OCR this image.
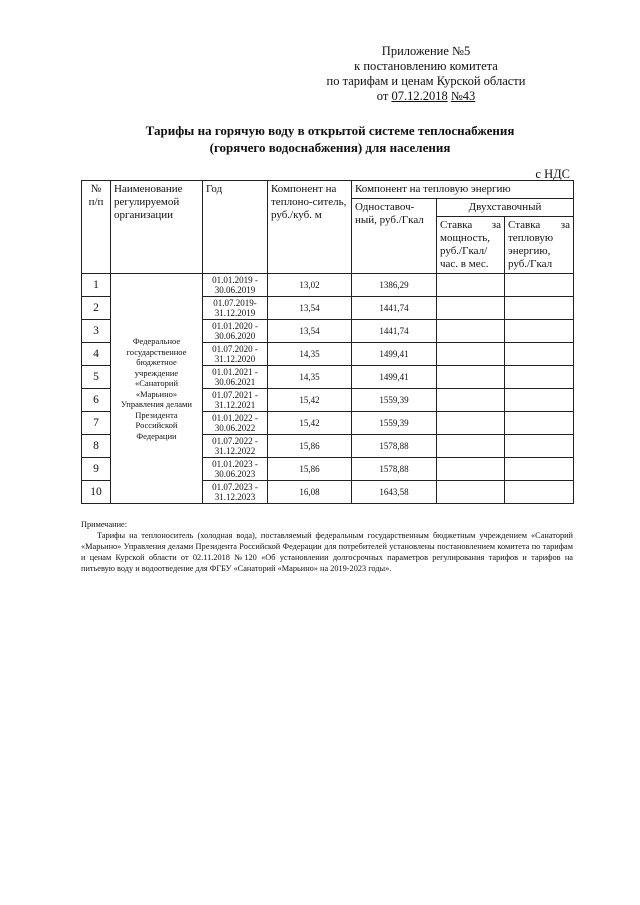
Приложение №5
к постановлению комитета
по тарифам и ценам Курской области
от 07.12.2018 №43
Тарифы на горячую воду в открытой системе теплоснабжения
(горячего водоснабжения) для населения
с НДС
№ п/п	Наименование регулируемой организации	Год	Компонент на теплоно-ситель, руб./куб. м	Компонент на тепловую энергию		
				Одноставоч-ный, руб./Гкал	Двухставочный	
					Ставка за мощность, руб./Гкал/час. в мес.	Ставка за тепловую энергию, руб./Гкал
1	Федеральное государственное бюджетное учреждение «Санаторий «Марьино» Управления делами Президента Российской Федерации	01.01.2019 - 30.06.2019	13,02	1386,29		
2		01.07.2019-31.12.2019	13,54	1441,74		
3		01.01.2020 - 30.06.2020	13,54	1441,74		
4		01.07.2020 - 31.12.2020	14,35	1499,41		
5		01.01.2021 - 30.06.2021	14,35	1499,41		
6		01.07.2021 - 31.12.2021	15,42	1559,39		
7		01.01.2022 - 30.06.2022	15,42	1559,39		
8		01.07.2022 - 31.12.2022	15,86	1578,88		
9		01.01.2023 - 30.06.2023	15,86	1578,88		
10		01.07.2023 - 31.12.2023	16,08	1643,58		
Примечание:
Тарифы на теплоноситель (холодная вода), поставляемый федеральным государственным бюджетным учреждением «Санаторий «Марьино» Управления делами Президента Российской Федерации для потребителей установлены постановлением комитета по тарифам и ценам Курской области от 02.11.2018 №120 «Об установлении долгосрочных параметров регулирования тарифов и тарифов на питьевую воду и водоотведение для ФГБУ «Санаторий «Марьино» на 2019-2023 годы».
